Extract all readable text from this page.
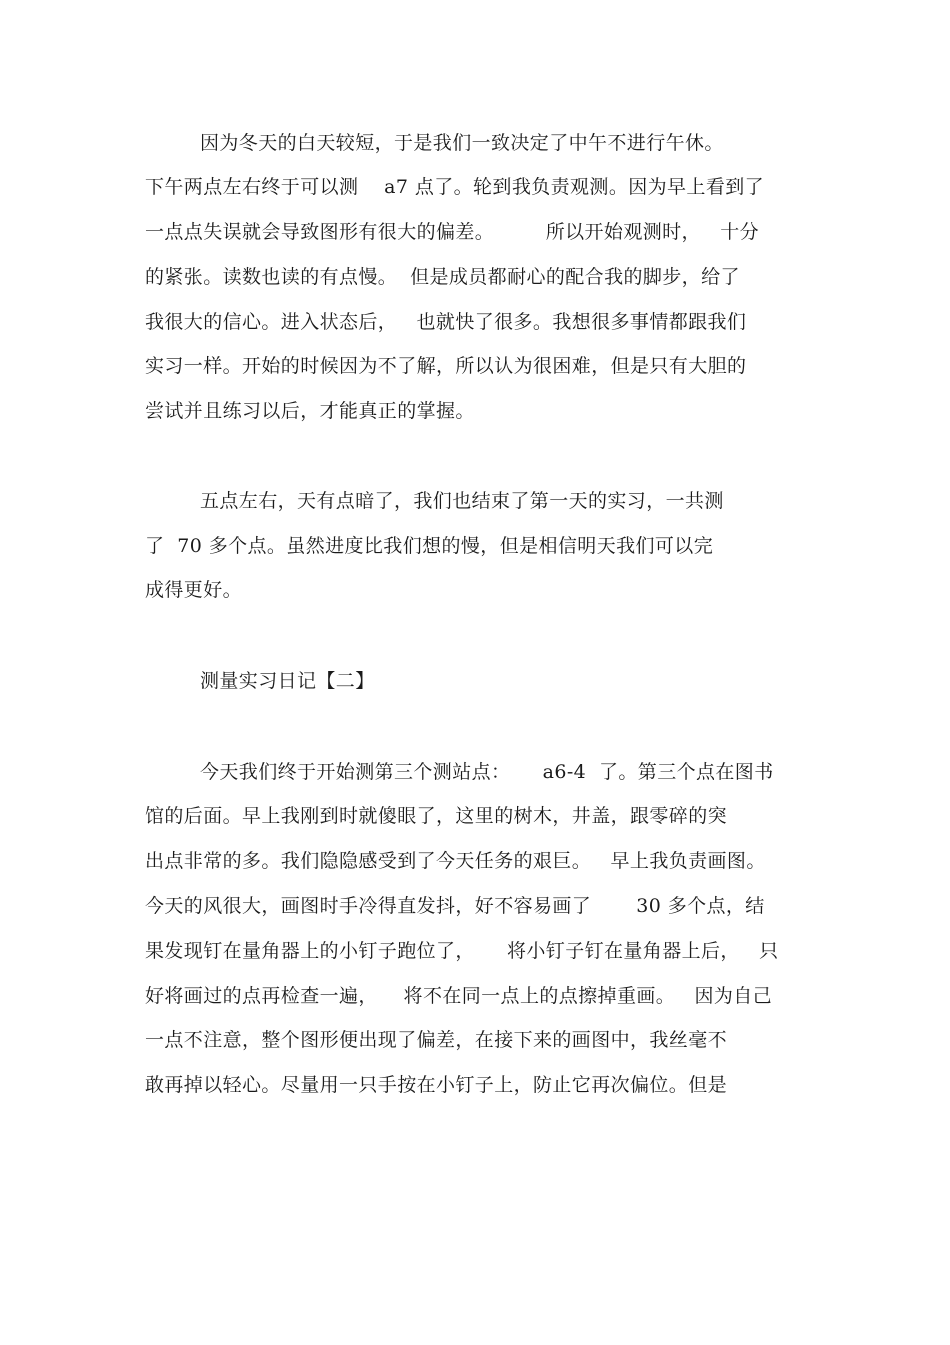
因为冬天的白天较短，于是我们一致决定了中午不进行午休。
下午两点左右终于可以测    a7 点了。轮到我负责观测。因为早上看到了
一点点失误就会导致图形有很大的偏差。        所以开始观测时，   十分
的紧张。读数也读的有点慢。  但是成员都耐心的配合我的脚步，给了
我很大的信心。进入状态后，   也就快了很多。我想很多事情都跟我们
实习一样。开始的时候因为不了解，所以认为很困难，但是只有大胆的
尝试并且练习以后，才能真正的掌握。
五点左右，天有点暗了，我们也结束了第一天的实习，一共测
了  70 多个点。虽然进度比我们想的慢，但是相信明天我们可以完
成得更好。
测量实习日记【二】
今天我们终于开始测第三个测站点：     a6-4  了。第三个点在图书
馆的后面。早上我刚到时就傻眼了，这里的树木，井盖，跟零碎的突
出点非常的多。我们隐隐感受到了今天任务的艰巨。   早上我负责画图。
今天的风很大，画图时手冷得直发抖，好不容易画了       30 多个点，结
果发现钉在量角器上的小钉子跑位了，     将小钉子钉在量角器上后，   只
好将画过的点再检查一遍，    将不在同一点上的点擦掉重画。   因为自己
一点不注意，整个图形便出现了偏差，在接下来的画图中，我丝毫不
敢再掉以轻心。尽量用一只手按在小钉子上，防止它再次偏位。但是
